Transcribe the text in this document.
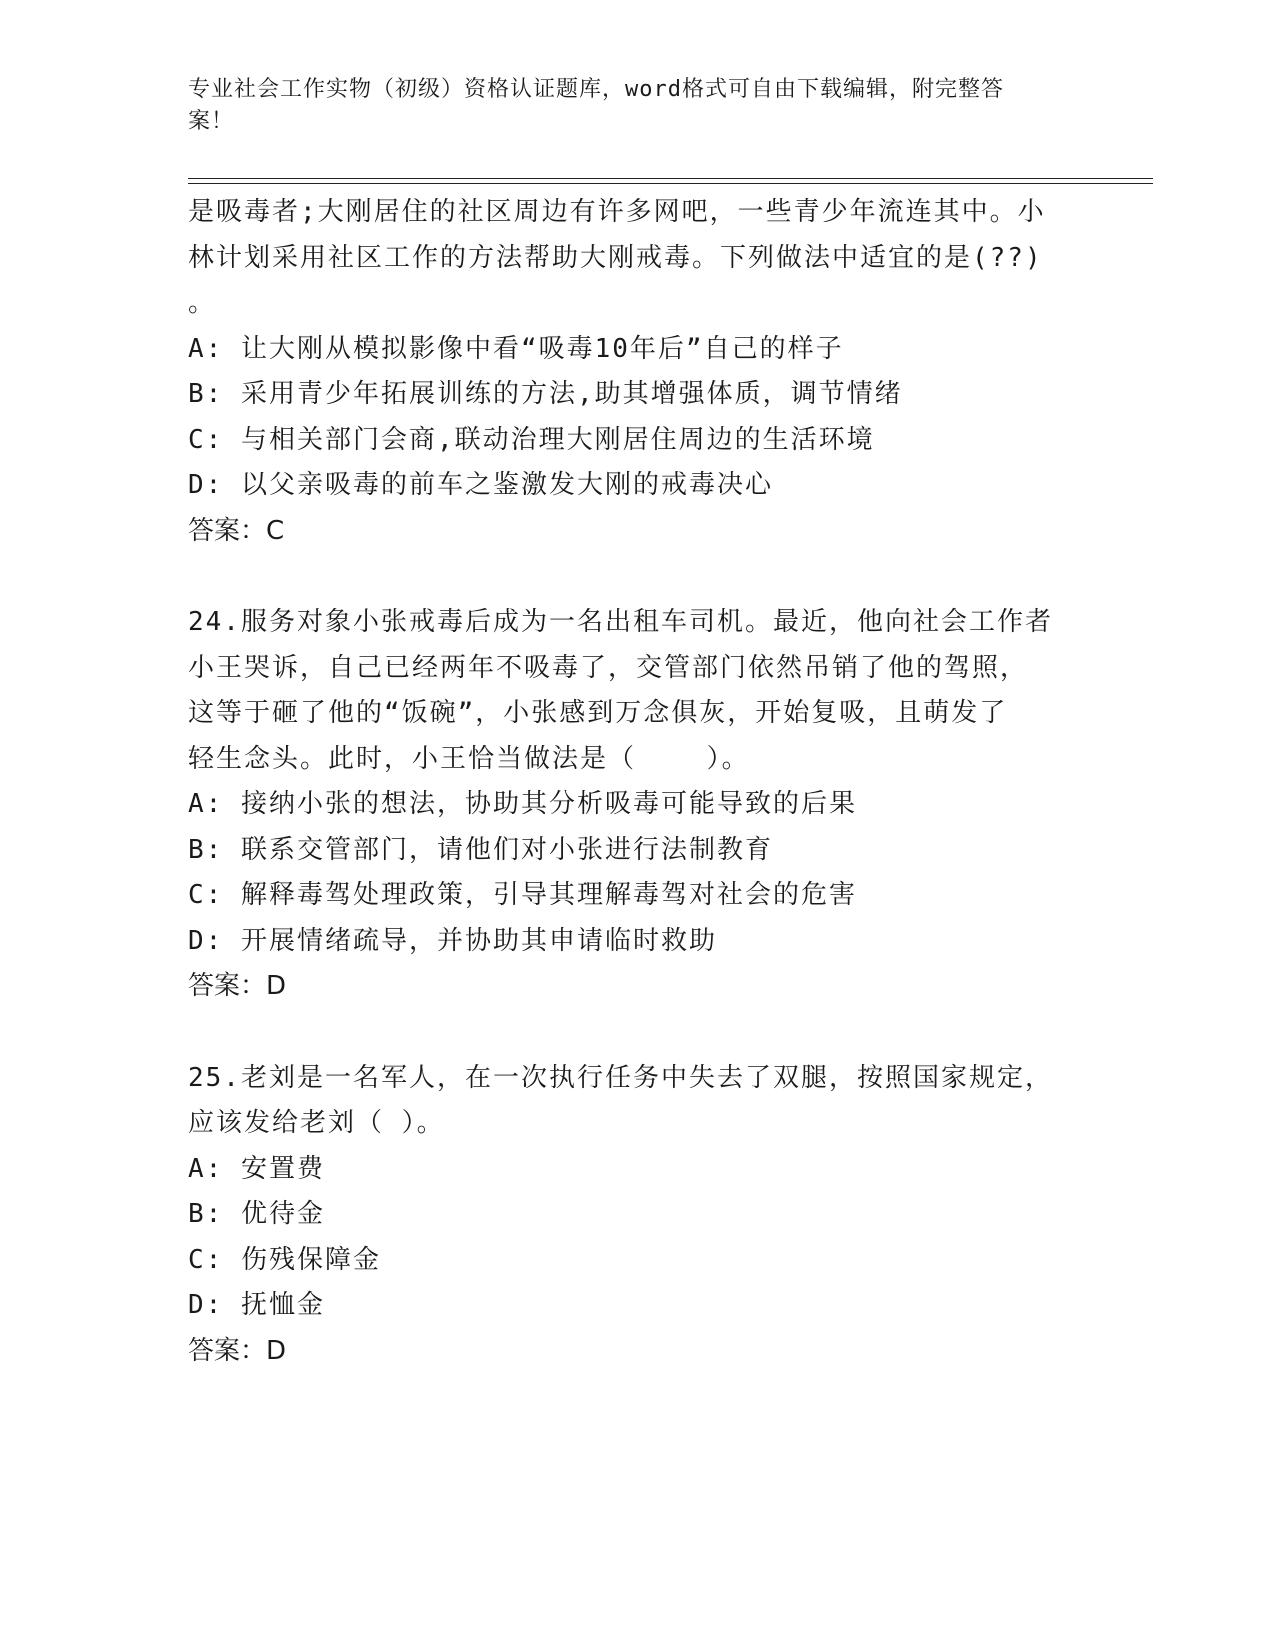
专业社会工作实物（初级）资格认证题库，word格式可自由下载编辑，附完整答
案！

是吸毒者;大刚居住的社区周边有许多网吧，一些青少年流连其中。小

林计划采用社区工作的方法帮助大刚戒毒。下列做法中适宜的是(??)

。

A: 让大刚从模拟影像中看“吸毒10年后”自己的样子

B: 采用青少年拓展训练的方法,助其增强体质，调节情绪

C: 与相关部门会商,联动治理大刚居住周边的生活环境

D: 以父亲吸毒的前车之鉴激发大刚的戒毒决心

答案：C

24.服务对象小张戒毒后成为一名出租车司机。最近，他向社会工作者

小王哭诉，自己已经两年不吸毒了，交管部门依然吊销了他的驾照，

这等于砸了他的“饭碗”，小张感到万念俱灰，开始复吸，且萌发了

轻生念头。此时，小王恰当做法是（    ）。

A: 接纳小张的想法，协助其分析吸毒可能导致的后果

B: 联系交管部门，请他们对小张进行法制教育

C: 解释毒驾处理政策，引导其理解毒驾对社会的危害

D: 开展情绪疏导，并协助其申请临时救助

答案：D

25.老刘是一名军人，在一次执行任务中失去了双腿，按照国家规定，

应该发给老刘（ ）。

A: 安置费

B: 优待金

C: 伤残保障金

D: 抚恤金

答案：D
